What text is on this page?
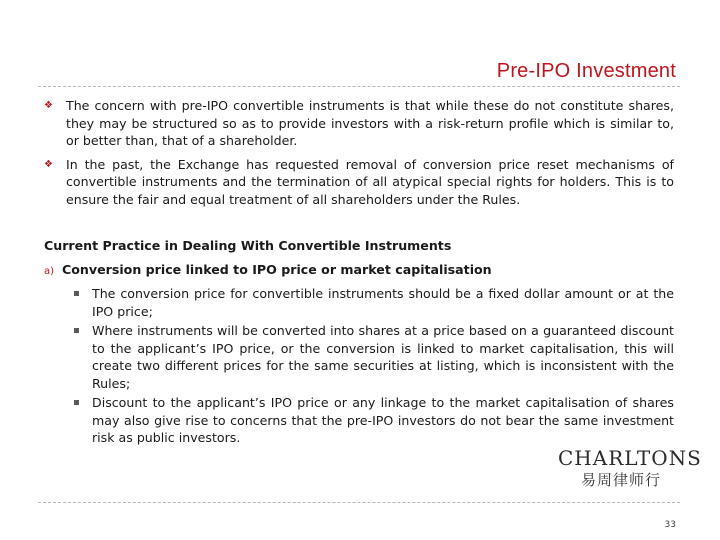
Pre-IPO Investment
❖ The concern with pre-IPO convertible instruments is that while these do not constitute shares, they may be structured so as to provide investors with a risk-return profile which is similar to, or better than, that of a shareholder.
❖ In the past, the Exchange has requested removal of conversion price reset mechanisms of convertible instruments and the termination of all atypical special rights for holders. This is to ensure the fair and equal treatment of all shareholders under the Rules.
Current Practice in Dealing With Convertible Instruments
a) Conversion price linked to IPO price or market capitalisation
The conversion price for convertible instruments should be a fixed dollar amount or at the IPO price;
Where instruments will be converted into shares at a price based on a guaranteed discount to the applicant’s IPO price, or the conversion is linked to market capitalisation, this will create two different prices for the same securities at listing, which is inconsistent with the Rules;
Discount to the applicant’s IPO price or any linkage to the market capitalisation of shares may also give rise to concerns that the pre-IPO investors do not bear the same investment risk as public investors.
CHARLTONS
易周律师行
33
